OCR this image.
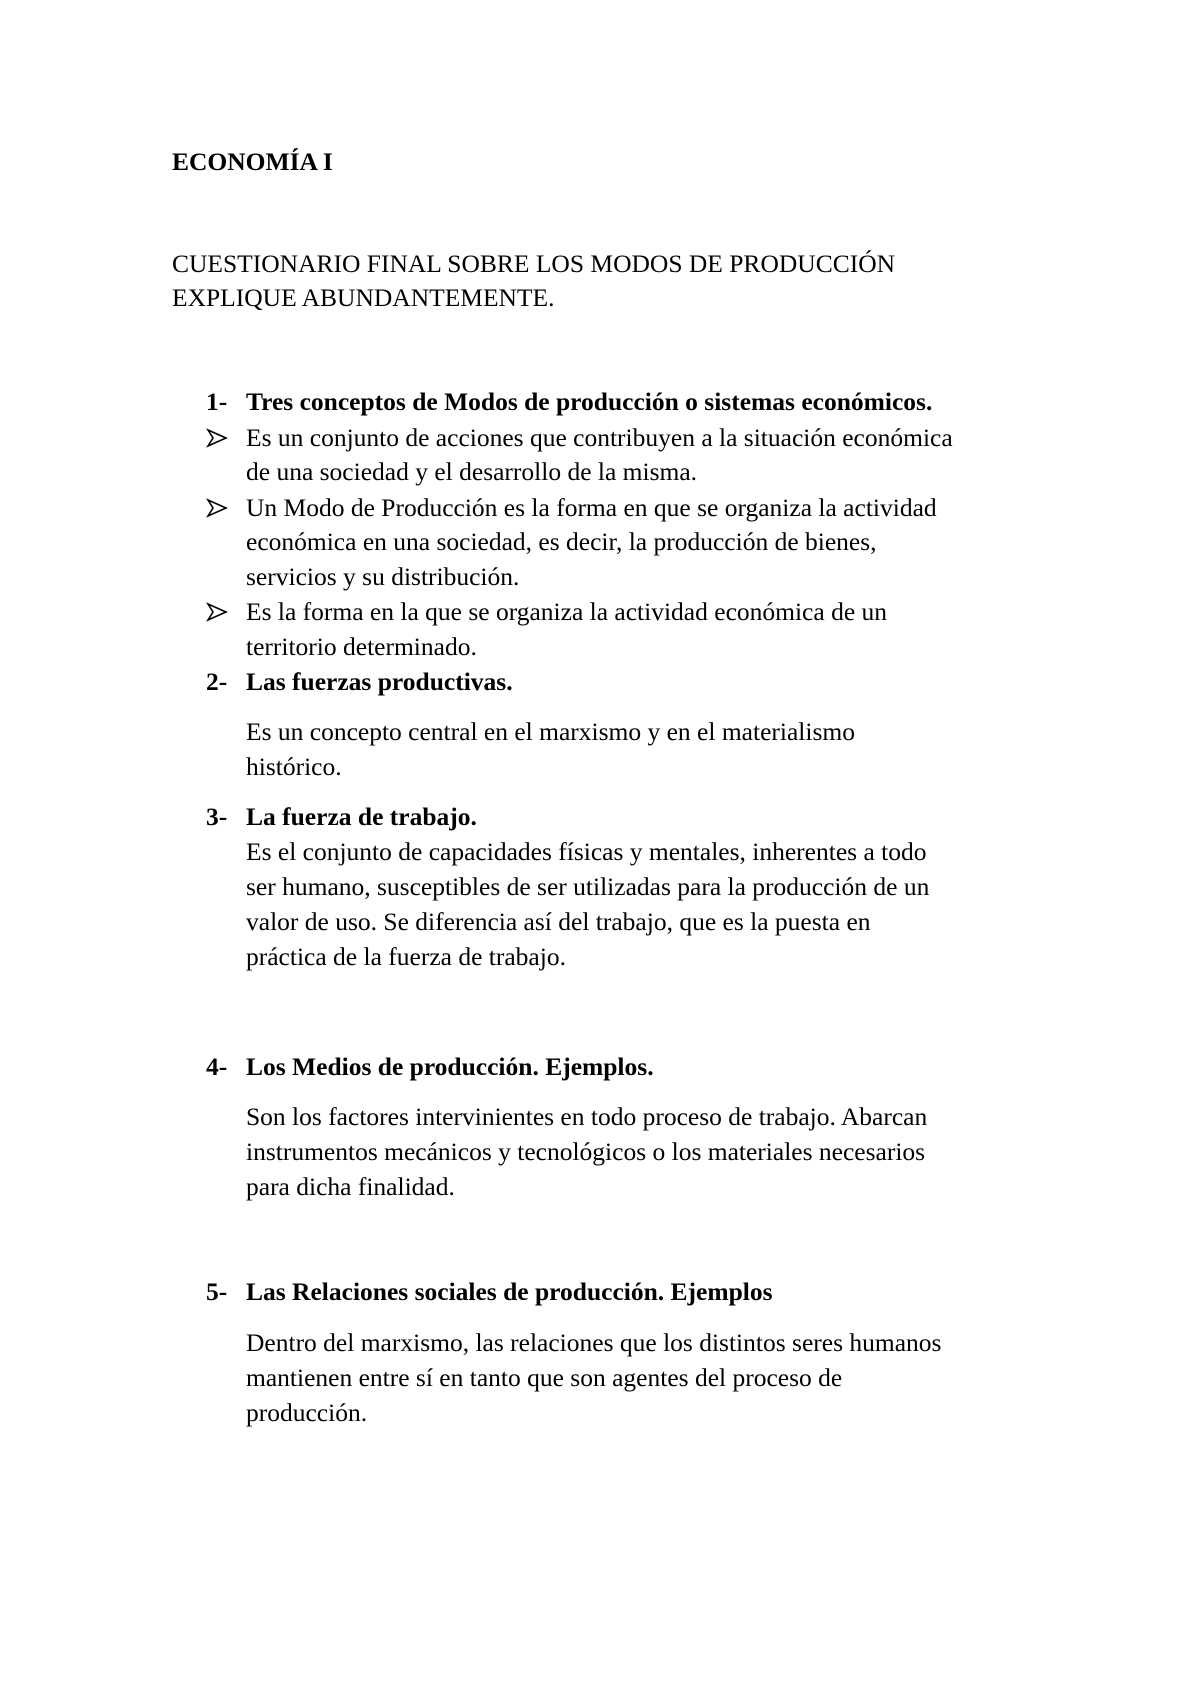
ECONOMÍA I
CUESTIONARIO FINAL SOBRE LOS MODOS DE PRODUCCIÓN
EXPLIQUE ABUNDANTEMENTE.
1- Tres conceptos de Modos de producción o sistemas económicos.
Es un conjunto de acciones que contribuyen a la situación económica
de una sociedad y el desarrollo de la misma.
Un Modo de Producción es la forma en que se organiza la actividad
económica en una sociedad, es decir, la producción de bienes,
servicios y su distribución.
Es la forma en la que se organiza la actividad económica de un
territorio determinado.
2- Las fuerzas productivas.
Es un concepto central en el marxismo y en el materialismo
histórico.
3- La fuerza de trabajo.
Es el conjunto de capacidades físicas y mentales, inherentes a todo
ser humano, susceptibles de ser utilizadas para la producción de un
valor de uso. Se diferencia así del trabajo, que es la puesta en
práctica de la fuerza de trabajo.
4- Los Medios de producción. Ejemplos.
Son los factores intervinientes en todo proceso de trabajo. Abarcan
instrumentos mecánicos y tecnológicos o los materiales necesarios
para dicha finalidad.
5- Las Relaciones sociales de producción. Ejemplos
Dentro del marxismo, las relaciones que los distintos seres humanos
mantienen entre sí en tanto que son agentes del proceso de
producción.
